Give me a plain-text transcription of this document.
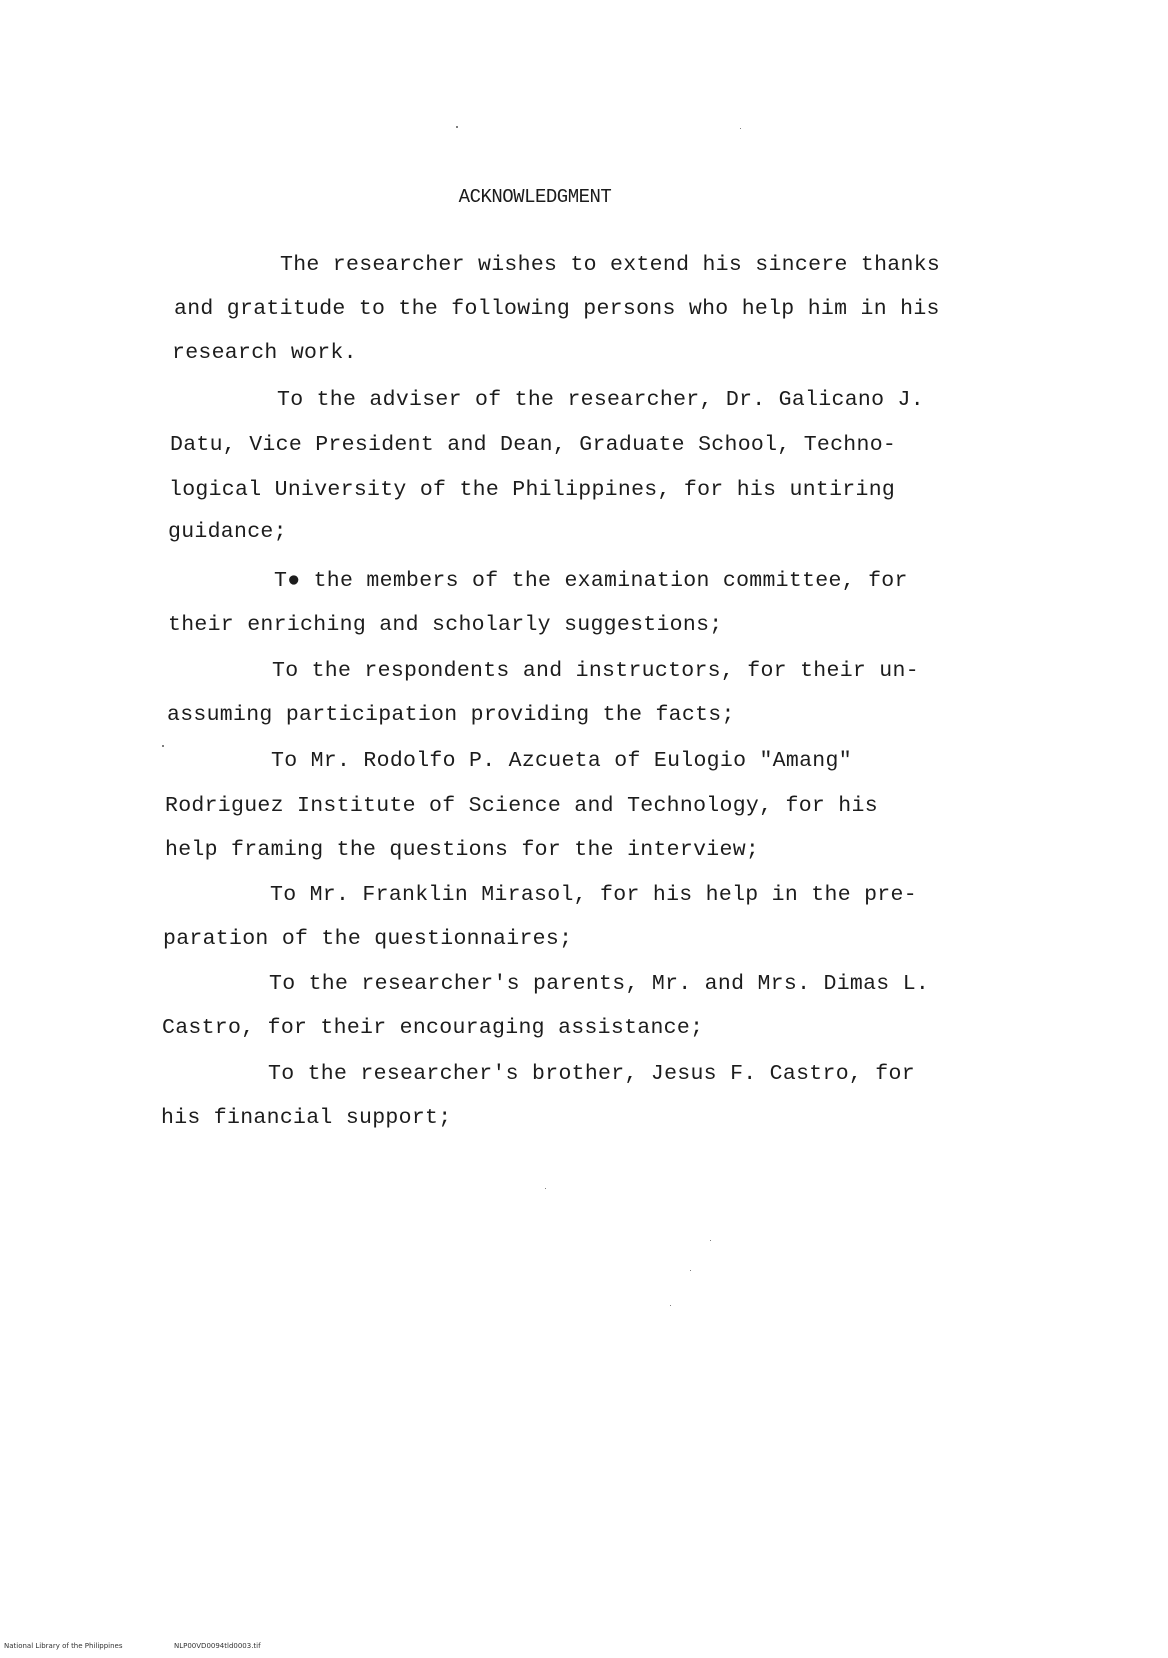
ACKNOWLEDGMENT
The researcher wishes to extend his sincere thanks
and gratitude to the following persons who help him in his
research work.
To the adviser of the researcher, Dr. Galicano J.
Datu, Vice President and Dean, Graduate School, Techno-
logical University of the Philippines, for his untiring
guidance;
T● the members of the examination committee, for
their enriching and scholarly suggestions;
To the respondents and instructors, for their un-
assuming participation providing the facts;
To Mr. Rodolfo P. Azcueta of Eulogio "Amang"
Rodriguez Institute of Science and Technology, for his
help framing the questions for the interview;
To Mr. Franklin Mirasol, for his help in the pre-
paration of the questionnaires;
To the researcher's parents, Mr. and Mrs. Dimas L.
Castro, for their encouraging assistance;
To the researcher's brother, Jesus F. Castro, for
his financial support;
National Library of the Philippines	NLP00VD0094tld0003.tif
